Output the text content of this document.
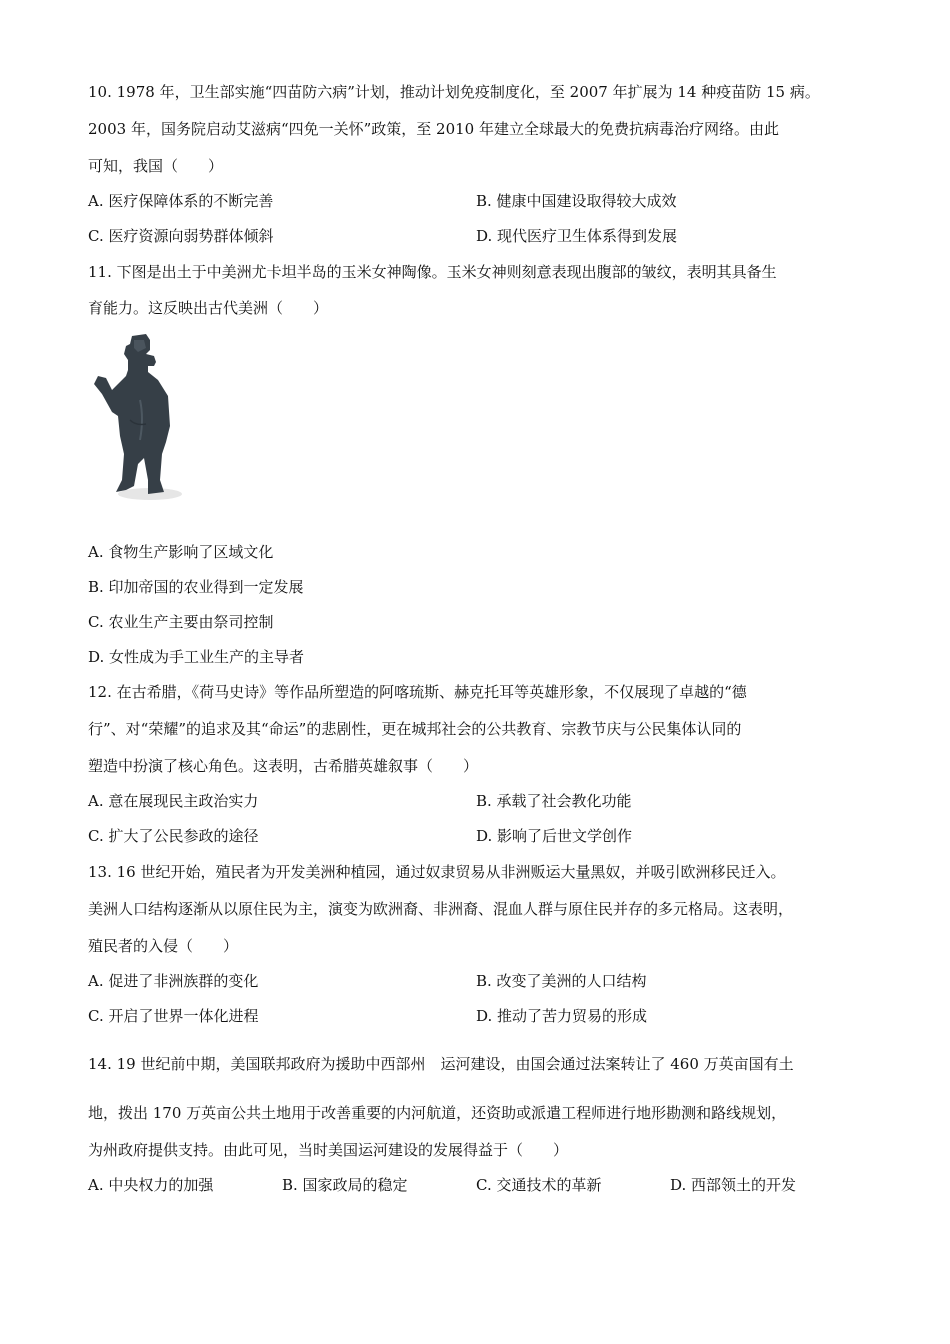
10. 1978 年，卫生部实施“四苗防六病”计划，推动计划免疫制度化，至 2007 年扩展为 14 种疫苗防 15 病。
2003 年，国务院启动艾滋病“四免一关怀”政策，至 2010 年建立全球最大的免费抗病毒治疗网络。由此
可知，我国（　　）
A. 医疗保障体系的不断完善	B. 健康中国建设取得较大成效
C. 医疗资源向弱势群体倾斜	D. 现代医疗卫生体系得到发展
11. 下图是出土于中美洲尤卡坦半岛的玉米女神陶像。玉米女神则刻意表现出腹部的皱纹，表明其具备生
育能力。这反映出古代美洲（　　）
A. 食物生产影响了区域文化
B. 印加帝国的农业得到一定发展
C. 农业生产主要由祭司控制
D. 女性成为手工业生产的主导者
12. 在古希腊，《荷马史诗》等作品所塑造的阿喀琉斯、赫克托耳等英雄形象，不仅展现了卓越的“德
行”、对“荣耀”的追求及其“命运”的悲剧性，更在城邦社会的公共教育、宗教节庆与公民集体认同的
塑造中扮演了核心角色。这表明，古希腊英雄叙事（　　）
A. 意在展现民主政治实力	B. 承载了社会教化功能
C. 扩大了公民参政的途径	D. 影响了后世文学创作
13. 16 世纪开始，殖民者为开发美洲种植园，通过奴隶贸易从非洲贩运大量黑奴，并吸引欧洲移民迁入。
美洲人口结构逐渐从以原住民为主，演变为欧洲裔、非洲裔、混血人群与原住民并存的多元格局。这表明，
殖民者的入侵（　　）
A. 促进了非洲族群的变化	B. 改变了美洲的人口结构
C. 开启了世界一体化进程	D. 推动了苦力贸易的形成
14. 19 世纪前中期，美国联邦政府为援助中西部州　运河建设，由国会通过法案转让了 460 万英亩国有土
地，拨出 170 万英亩公共土地用于改善重要的内河航道，还资助或派遣工程师进行地形勘测和路线规划，
为州政府提供支持。由此可见，当时美国运河建设的发展得益于（　　）
A. 中央权力的加强	B. 国家政局的稳定	C. 交通技术的革新	D. 西部领土的开发
